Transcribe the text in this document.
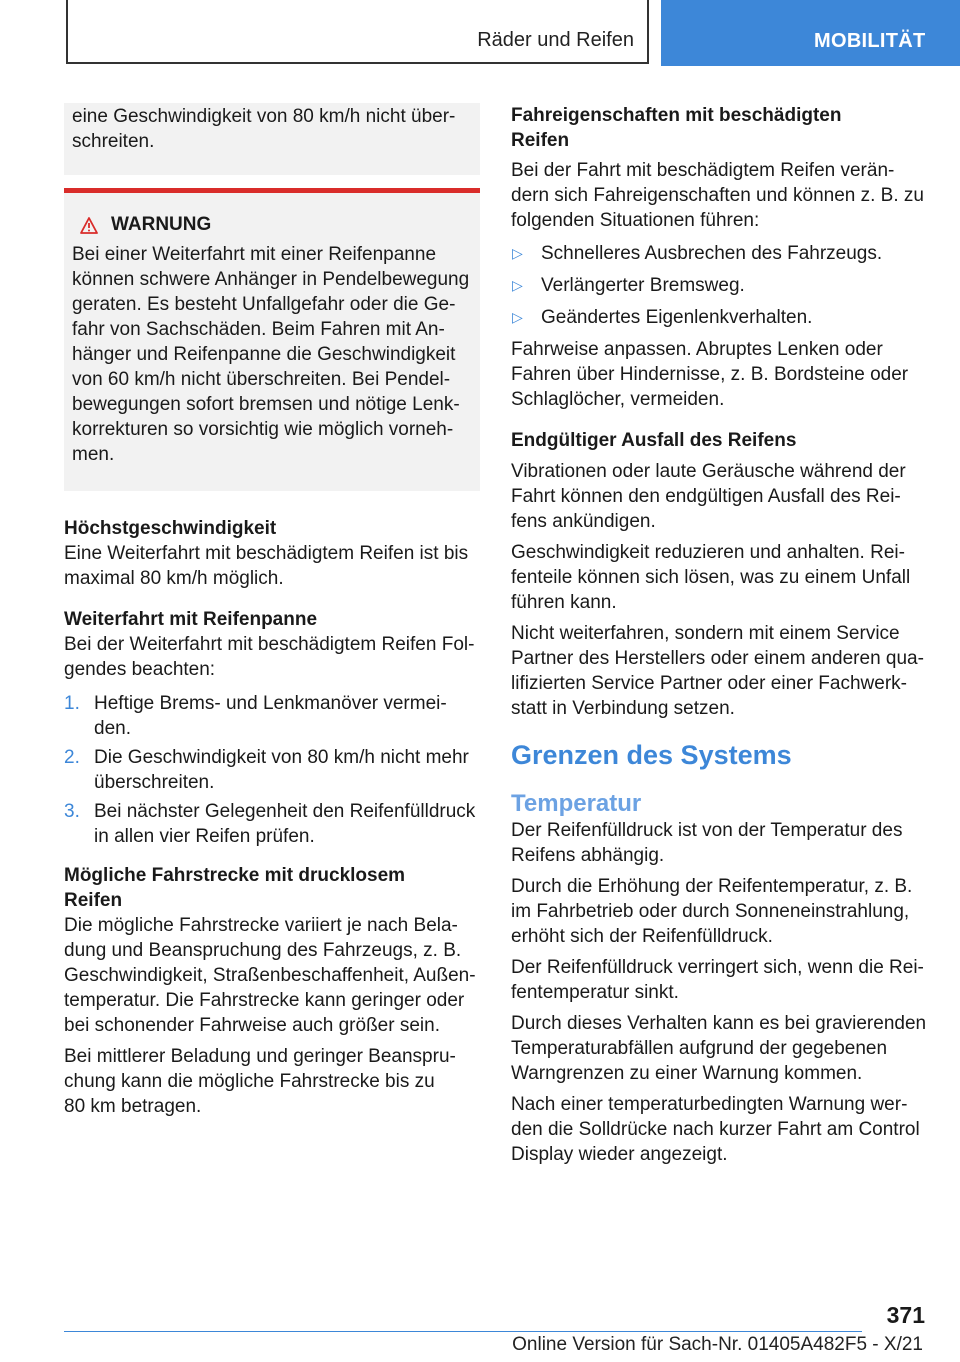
Räder und Reifen	MOBILITÄT

eine Geschwindigkeit von 80 km/h nicht über-
schreiten.

WARNUNG

Bei einer Weiterfahrt mit einer Reifenpanne
können schwere Anhänger in Pendelbewegung
geraten. Es besteht Unfallgefahr oder die Ge-
fahr von Sachschäden. Beim Fahren mit An-
hänger und Reifenpanne die Geschwindigkeit
von 60 km/h nicht überschreiten. Bei Pendel-
bewegungen sofort bremsen und nötige Lenk-
korrekturen so vorsichtig wie möglich vorneh-
men.

Höchstgeschwindigkeit

Eine Weiterfahrt mit beschädigtem Reifen ist bis
maximal 80 km/h möglich.

Weiterfahrt mit Reifenpanne

Bei der Weiterfahrt mit beschädigtem Reifen Fol-
gendes beachten:

1. Heftige Brems- und Lenkmanöver vermei-
den.
2. Die Geschwindigkeit von 80 km/h nicht mehr
überschreiten.
3. Bei nächster Gelegenheit den Reifenfülldruck
in allen vier Reifen prüfen.
Mögliche Fahrstrecke mit drucklosem
Reifen

Die mögliche Fahrstrecke variiert je nach Bela-
dung und Beanspruchung des Fahrzeugs, z. B.
Geschwindigkeit, Straßenbeschaffenheit, Außen-
temperatur. Die Fahrstrecke kann geringer oder
bei schonender Fahrweise auch größer sein.

Bei mittlerer Beladung und geringer Beanspru-
chung kann die mögliche Fahrstrecke bis zu
80 km betragen.

Fahreigenschaften mit beschädigten
Reifen

Bei der Fahrt mit beschädigtem Reifen verän-
dern sich Fahreigenschaften und können z. B. zu
folgenden Situationen führen:

▷ Schnelleres Ausbrechen des Fahrzeugs.
▷ Verlängerter Bremsweg.
▷ Geändertes Eigenlenkverhalten.

Fahrweise anpassen. Abruptes Lenken oder
Fahren über Hindernisse, z. B. Bordsteine oder
Schlaglöcher, vermeiden.

Endgültiger Ausfall des Reifens

Vibrationen oder laute Geräusche während der
Fahrt können den endgültigen Ausfall des Rei-
fens ankündigen.

Geschwindigkeit reduzieren und anhalten. Rei-
fenteile können sich lösen, was zu einem Unfall
führen kann.

Nicht weiterfahren, sondern mit einem Service
Partner des Herstellers oder einem anderen qua-
lifizierten Service Partner oder einer Fachwerk-
statt in Verbindung setzen.

Grenzen des Systems
Temperatur

Der Reifenfülldruck ist von der Temperatur des
Reifens abhängig.

Durch die Erhöhung der Reifentemperatur, z. B.
im Fahrbetrieb oder durch Sonneneinstrahlung,
erhöht sich der Reifenfülldruck.

Der Reifenfülldruck verringert sich, wenn die Rei-
fentemperatur sinkt.

Durch dieses Verhalten kann es bei gravierenden
Temperaturabfällen aufgrund der gegebenen
Warngrenzen zu einer Warnung kommen.

Nach einer temperaturbedingten Warnung wer-
den die Solldrücke nach kurzer Fahrt am Control
Display wieder angezeigt.

371
Online Version für Sach-Nr. 01405A482F5 - X/21
